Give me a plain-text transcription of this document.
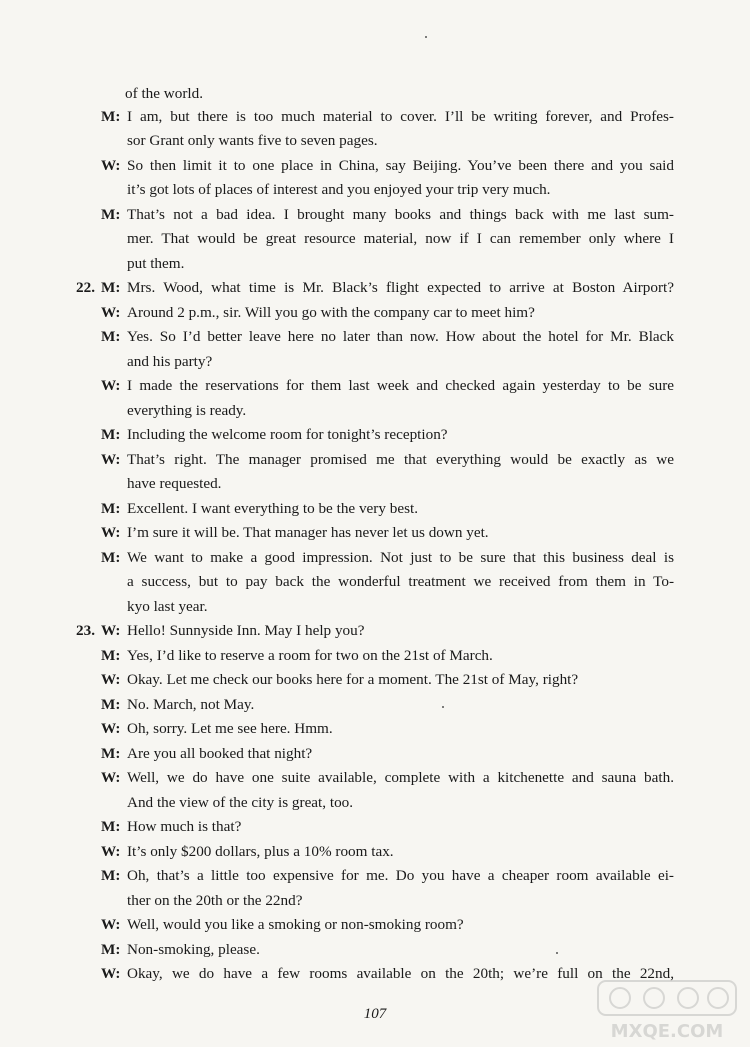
of the world.
M: I am, but there is too much material to cover. I’ll be writing forever, and Profes-
sor Grant only wants five to seven pages.
W: So then limit it to one place in China, say Beijing. You’ve been there and you said
it’s got lots of places of interest and you enjoyed your trip very much.
M: That’s not a bad idea. I brought many books and things back with me last sum-
mer. That would be great resource material, now if I can remember only where I
put them.
22. M: Mrs. Wood, what time is Mr. Black’s flight expected to arrive at Boston Airport?
W: Around 2 p.m., sir. Will you go with the company car to meet him?
M: Yes. So I’d better leave here no later than now. How about the hotel for Mr. Black
and his party?
W: I made the reservations for them last week and checked again yesterday to be sure
everything is ready.
M: Including the welcome room for tonight’s reception?
W: That’s right. The manager promised me that everything would be exactly as we
have requested.
M: Excellent. I want everything to be the very best.
W: I’m sure it will be. That manager has never let us down yet.
M: We want to make a good impression. Not just to be sure that this business deal is
a success, but to pay back the wonderful treatment we received from them in To-
kyo last year.
23. W: Hello! Sunnyside Inn. May I help you?
M: Yes, I’d like to reserve a room for two on the 21st of March.
W: Okay. Let me check our books here for a moment. The 21st of May, right?
M: No. March, not May.
W: Oh, sorry. Let me see here. Hmm.
M: Are you all booked that night?
W: Well, we do have one suite available, complete with a kitchenette and sauna bath.
And the view of the city is great, too.
M: How much is that?
W: It’s only $200 dollars, plus a 10% room tax.
M: Oh, that’s a little too expensive for me. Do you have a cheaper room available ei-
ther on the 20th or the 22nd?
W: Well, would you like a smoking or non-smoking room?
M: Non-smoking, please.
W: Okay, we do have a few rooms available on the 20th; we’re full on the 22nd,
107
MXQE.COM
